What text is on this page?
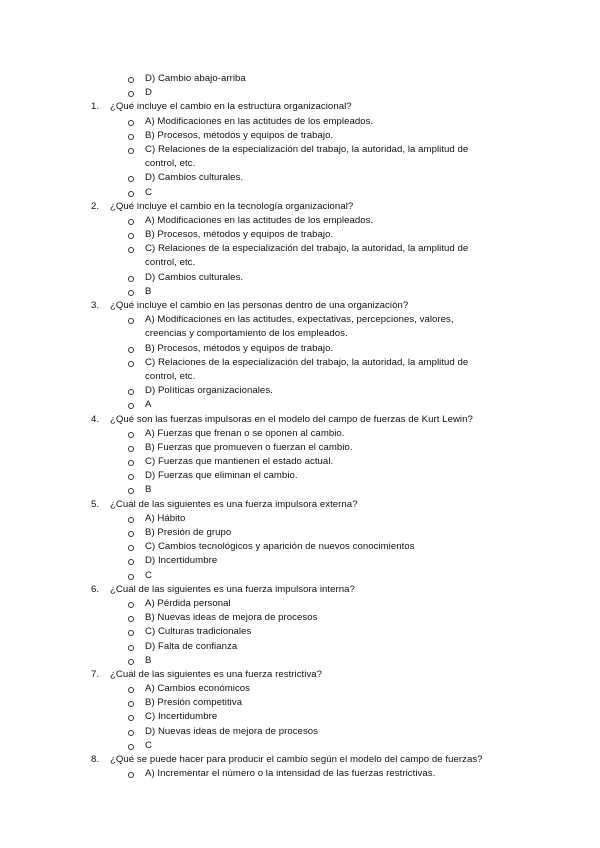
D) Cambio abajo-arriba
D
1. ¿Qué incluye el cambio en la estructura organizacional?
A) Modificaciones en las actitudes de los empleados.
B) Procesos, métodos y equipos de trabajo.
C) Relaciones de la especialización del trabajo, la autoridad, la amplitud de
control, etc.
D) Cambios culturales.
C
2. ¿Qué incluye el cambio en la tecnología organizacional?
A) Modificaciones en las actitudes de los empleados.
B) Procesos, métodos y equipos de trabajo.
C) Relaciones de la especialización del trabajo, la autoridad, la amplitud de
control, etc.
D) Cambios culturales.
B
3. ¿Qué incluye el cambio en las personas dentro de una organización?
A) Modificaciones en las actitudes, expectativas, percepciones, valores,
creencias y comportamiento de los empleados.
B) Procesos, métodos y equipos de trabajo.
C) Relaciones de la especialización del trabajo, la autoridad, la amplitud de
control, etc.
D) Políticas organizacionales.
A
4. ¿Qué son las fuerzas impulsoras en el modelo del campo de fuerzas de Kurt Lewin?
A) Fuerzas que frenan o se oponen al cambio.
B) Fuerzas que promueven o fuerzan el cambio.
C) Fuerzas que mantienen el estado actual.
D) Fuerzas que eliminan el cambio.
B
5. ¿Cuál de las siguientes es una fuerza impulsora externa?
A) Hábito
B) Presión de grupo
C) Cambios tecnológicos y aparición de nuevos conocimientos
D) Incertidumbre
C
6. ¿Cuál de las siguientes es una fuerza impulsora interna?
A) Pérdida personal
B) Nuevas ideas de mejora de procesos
C) Culturas tradicionales
D) Falta de confianza
B
7. ¿Cuál de las siguientes es una fuerza restrictiva?
A) Cambios económicos
B) Presión competitiva
C) Incertidumbre
D) Nuevas ideas de mejora de procesos
C
8. ¿Qué se puede hacer para producir el cambio según el modelo del campo de fuerzas?
A) Incrementar el número o la intensidad de las fuerzas restrictivas.
